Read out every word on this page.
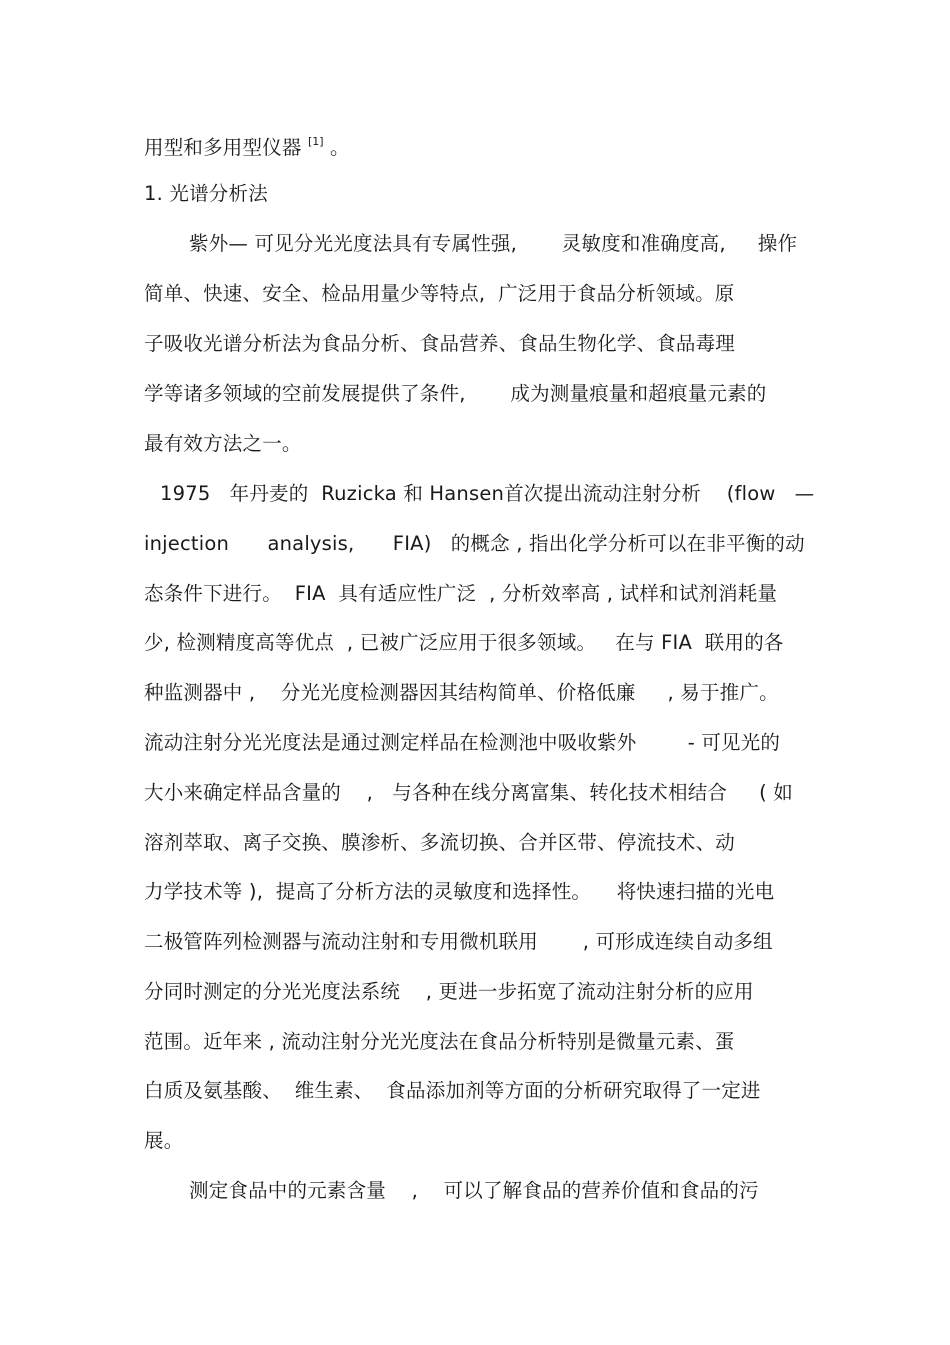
用型和多用型仪器 [1] 。
1. 光谱分析法
紫外— 可见分光光度法具有专属性强,       灵敏度和准确度高,     操作
简单、快速、安全、检品用量少等特点,  广泛用于食品分析领域。原
子吸收光谱分析法为食品分析、食品营养、食品生物化学、食品毒理
学等诸多领域的空前发展提供了条件,       成为测量痕量和超痕量元素的
最有效方法之一。
1975   年丹麦的  Ruzicka 和 Hansen首次提出流动注射分析    (flow   —
injection      analysis,      FIA)   的概念 , 指出化学分析可以在非平衡的动
态条件下进行。  FIA  具有适应性广泛  , 分析效率高 , 试样和试剂消耗量
少, 检测精度高等优点  , 已被广泛应用于很多领域。   在与 FIA  联用的各
种监测器中 ,    分光光度检测器因其结构简单、价格低廉     , 易于推广。
流动注射分光光度法是通过测定样品在检测池中吸收紫外        - 可见光的
大小来确定样品含量的    ,   与各种在线分离富集、转化技术相结合     ( 如
溶剂萃取、离子交换、膜渗析、多流切换、合并区带、停流技术、动
力学技术等 ),  提高了分析方法的灵敏度和选择性。    将快速扫描的光电
二极管阵列检测器与流动注射和专用微机联用       , 可形成连续自动多组
分同时测定的分光光度法系统    , 更进一步拓宽了流动注射分析的应用
范围。近年来 , 流动注射分光光度法在食品分析特别是微量元素、蛋
白质及氨基酸、  维生素、  食品添加剂等方面的分析研究取得了一定进
展。
测定食品中的元素含量    ,    可以了解食品的营养价值和食品的污
